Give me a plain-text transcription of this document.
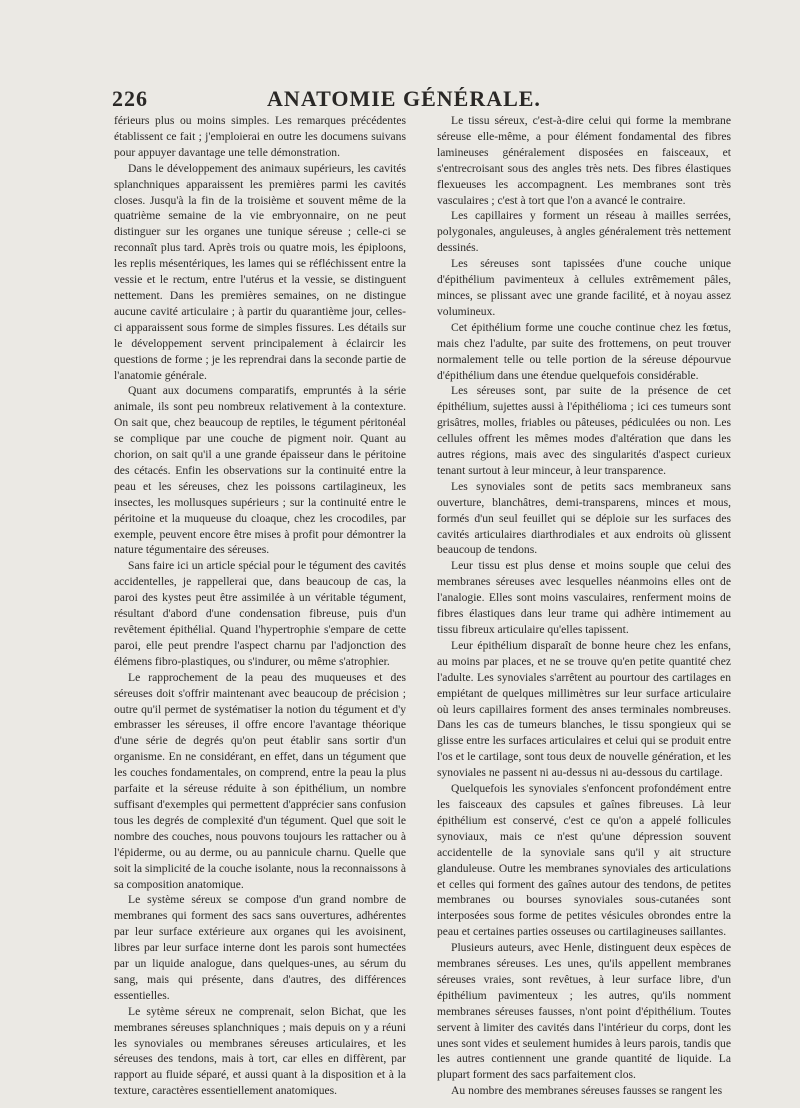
226	ANATOMIE GÉNÉRALE.

férieurs plus ou moins simples. Les remarques précédentes établissent ce fait ; j'emploierai en outre les documens suivans pour appuyer davantage une telle démonstration.

Dans le développement des animaux supérieurs, les cavités splanchniques apparaissent les premières parmi les cavités closes. Jusqu'à la fin de la troisième et souvent même de la quatrième semaine de la vie embryonnaire, on ne peut distinguer sur les organes une tunique séreuse ; celle-ci se reconnaît plus tard. Après trois ou quatre mois, les épiploons, les replis mésentériques, les lames qui se réfléchissent entre la vessie et le rectum, entre l'utérus et la vessie, se distinguent nettement. Dans les premières semaines, on ne distingue aucune cavité articulaire ; à partir du quarantième jour, celles-ci apparaissent sous forme de simples fissures. Les détails sur le développement servent principalement à éclaircir les questions de forme ; je les reprendrai dans la seconde partie de l'anatomie générale.

Quant aux documens comparatifs, empruntés à la série animale, ils sont peu nombreux relativement à la contexture. On sait que, chez beaucoup de reptiles, le tégument péritonéal se complique par une couche de pigment noir. Quant au chorion, on sait qu'il a une grande épaisseur dans le péritoine des cétacés. Enfin les observations sur la continuité entre la peau et les séreuses, chez les poissons cartilagineux, les insectes, les mollusques supérieurs ; sur la continuité entre le péritoine et la muqueuse du cloaque, chez les crocodiles, par exemple, peuvent encore être mises à profit pour démontrer la nature tégumentaire des séreuses.

Sans faire ici un article spécial pour le tégument des cavités accidentelles, je rappellerai que, dans beaucoup de cas, la paroi des kystes peut être assimilée à un véritable tégument, résultant d'abord d'une condensation fibreuse, puis d'un revêtement épithélial. Quand l'hypertrophie s'empare de cette paroi, elle peut prendre l'aspect charnu par l'adjonction des élémens fibro-plastiques, ou s'indurer, ou même s'atrophier.

Le rapprochement de la peau des muqueuses et des séreuses doit s'offrir maintenant avec beaucoup de précision ; outre qu'il permet de systématiser la notion du tégument et d'y embrasser les séreuses, il offre encore l'avantage théorique d'une série de degrés qu'on peut établir sans sortir d'un organisme. En ne considérant, en effet, dans un tégument que les couches fondamentales, on comprend, entre la peau la plus parfaite et la séreuse réduite à son épithélium, un nombre suffisant d'exemples qui permettent d'apprécier sans confusion tous les degrés de complexité d'un tégument. Quel que soit le nombre des couches, nous pouvons toujours les rattacher ou à l'épiderme, ou au derme, ou au pannicule charnu. Quelle que soit la simplicité de la couche isolante, nous la reconnaissons à sa composition anatomique.

Le système séreux se compose d'un grand nombre de membranes qui forment des sacs sans ouvertures, adhérentes par leur surface extérieure aux organes qui les avoisinent, libres par leur surface interne dont les parois sont humectées par un liquide analogue, dans quelques-unes, au sérum du sang, mais qui présente, dans d'autres, des différences essentielles.

Le sytème séreux ne comprenait, selon Bichat, que les membranes séreuses splanchniques ; mais depuis on y a réuni les synoviales ou membranes séreuses articulaires, et les séreuses des tendons, mais à tort, car elles en diffèrent, par rapport au fluide séparé, et aussi quant à la disposition et à la texture, caractères essentiellement anatomiques.

Le tissu séreux, c'est-à-dire celui qui forme la membrane séreuse elle-même, a pour élément fondamental des fibres lamineuses généralement disposées en faisceaux, et s'entrecroisant sous des angles très nets. Des fibres élastiques flexueuses les accompagnent. Les membranes sont très vasculaires ; c'est à tort que l'on a avancé le contraire.

Les capillaires y forment un réseau à mailles serrées, polygonales, anguleuses, à angles généralement très nettement dessinés.

Les séreuses sont tapissées d'une couche unique d'épithélium pavimenteux à cellules extrêmement pâles, minces, se plissant avec une grande facilité, et à noyau assez volumineux.

Cet épithélium forme une couche continue chez les fœtus, mais chez l'adulte, par suite des frottemens, on peut trouver normalement telle ou telle portion de la séreuse dépourvue d'épithélium dans une étendue quelquefois considérable.

Les séreuses sont, par suite de la présence de cet épithélium, sujettes aussi à l'épithélioma ; ici ces tumeurs sont grisâtres, molles, friables ou pâteuses, pédiculées ou non. Les cellules offrent les mêmes modes d'altération que dans les autres régions, mais avec des singularités d'aspect curieux tenant surtout à leur minceur, à leur transparence.

Les synoviales sont de petits sacs membraneux sans ouverture, blanchâtres, demi-transparens, minces et mous, formés d'un seul feuillet qui se déploie sur les surfaces des cavités articulaires diarthrodiales et aux endroits où glissent beaucoup de tendons.

Leur tissu est plus dense et moins souple que celui des membranes séreuses avec lesquelles néanmoins elles ont de l'analogie. Elles sont moins vasculaires, renferment moins de fibres élastiques dans leur trame qui adhère intimement au tissu fibreux articulaire qu'elles tapissent.

Leur épithélium disparaît de bonne heure chez les enfans, au moins par places, et ne se trouve qu'en petite quantité chez l'adulte. Les synoviales s'arrêtent au pourtour des cartilages en empiétant de quelques millimètres sur leur surface articulaire où leurs capillaires forment des anses terminales nombreuses. Dans les cas de tumeurs blanches, le tissu spongieux qui se glisse entre les surfaces articulaires et celui qui se produit entre l'os et le cartilage, sont tous deux de nouvelle génération, et les synoviales ne passent ni au-dessus ni au-dessous du cartilage.

Quelquefois les synoviales s'enfoncent profondément entre les faisceaux des capsules et gaînes fibreuses. Là leur épithélium est conservé, c'est ce qu'on a appelé follicules synoviaux, mais ce n'est qu'une dépression souvent accidentelle de la synoviale sans qu'il y ait structure glanduleuse. Outre les membranes synoviales des articulations et celles qui forment des gaînes autour des tendons, de petites membranes ou bourses synoviales sous-cutanées sont interposées sous forme de petites vésicules obrondes entre la peau et certaines parties osseuses ou cartilagineuses saillantes.

Plusieurs auteurs, avec Henle, distinguent deux espèces de membranes séreuses. Les unes, qu'ils appellent membranes séreuses vraies, sont revêtues, à leur surface libre, d'un épithélium pavimenteux ; les autres, qu'ils nomment membranes séreuses fausses, n'ont point d'épithélium. Toutes servent à limiter des cavités dans l'intérieur du corps, dont les unes sont vides et seulement humides à leurs parois, tandis que les autres contiennent une grande quantité de liquide. La plupart forment des sacs parfaitement clos.

Au nombre des membranes séreuses fausses se rangent les
